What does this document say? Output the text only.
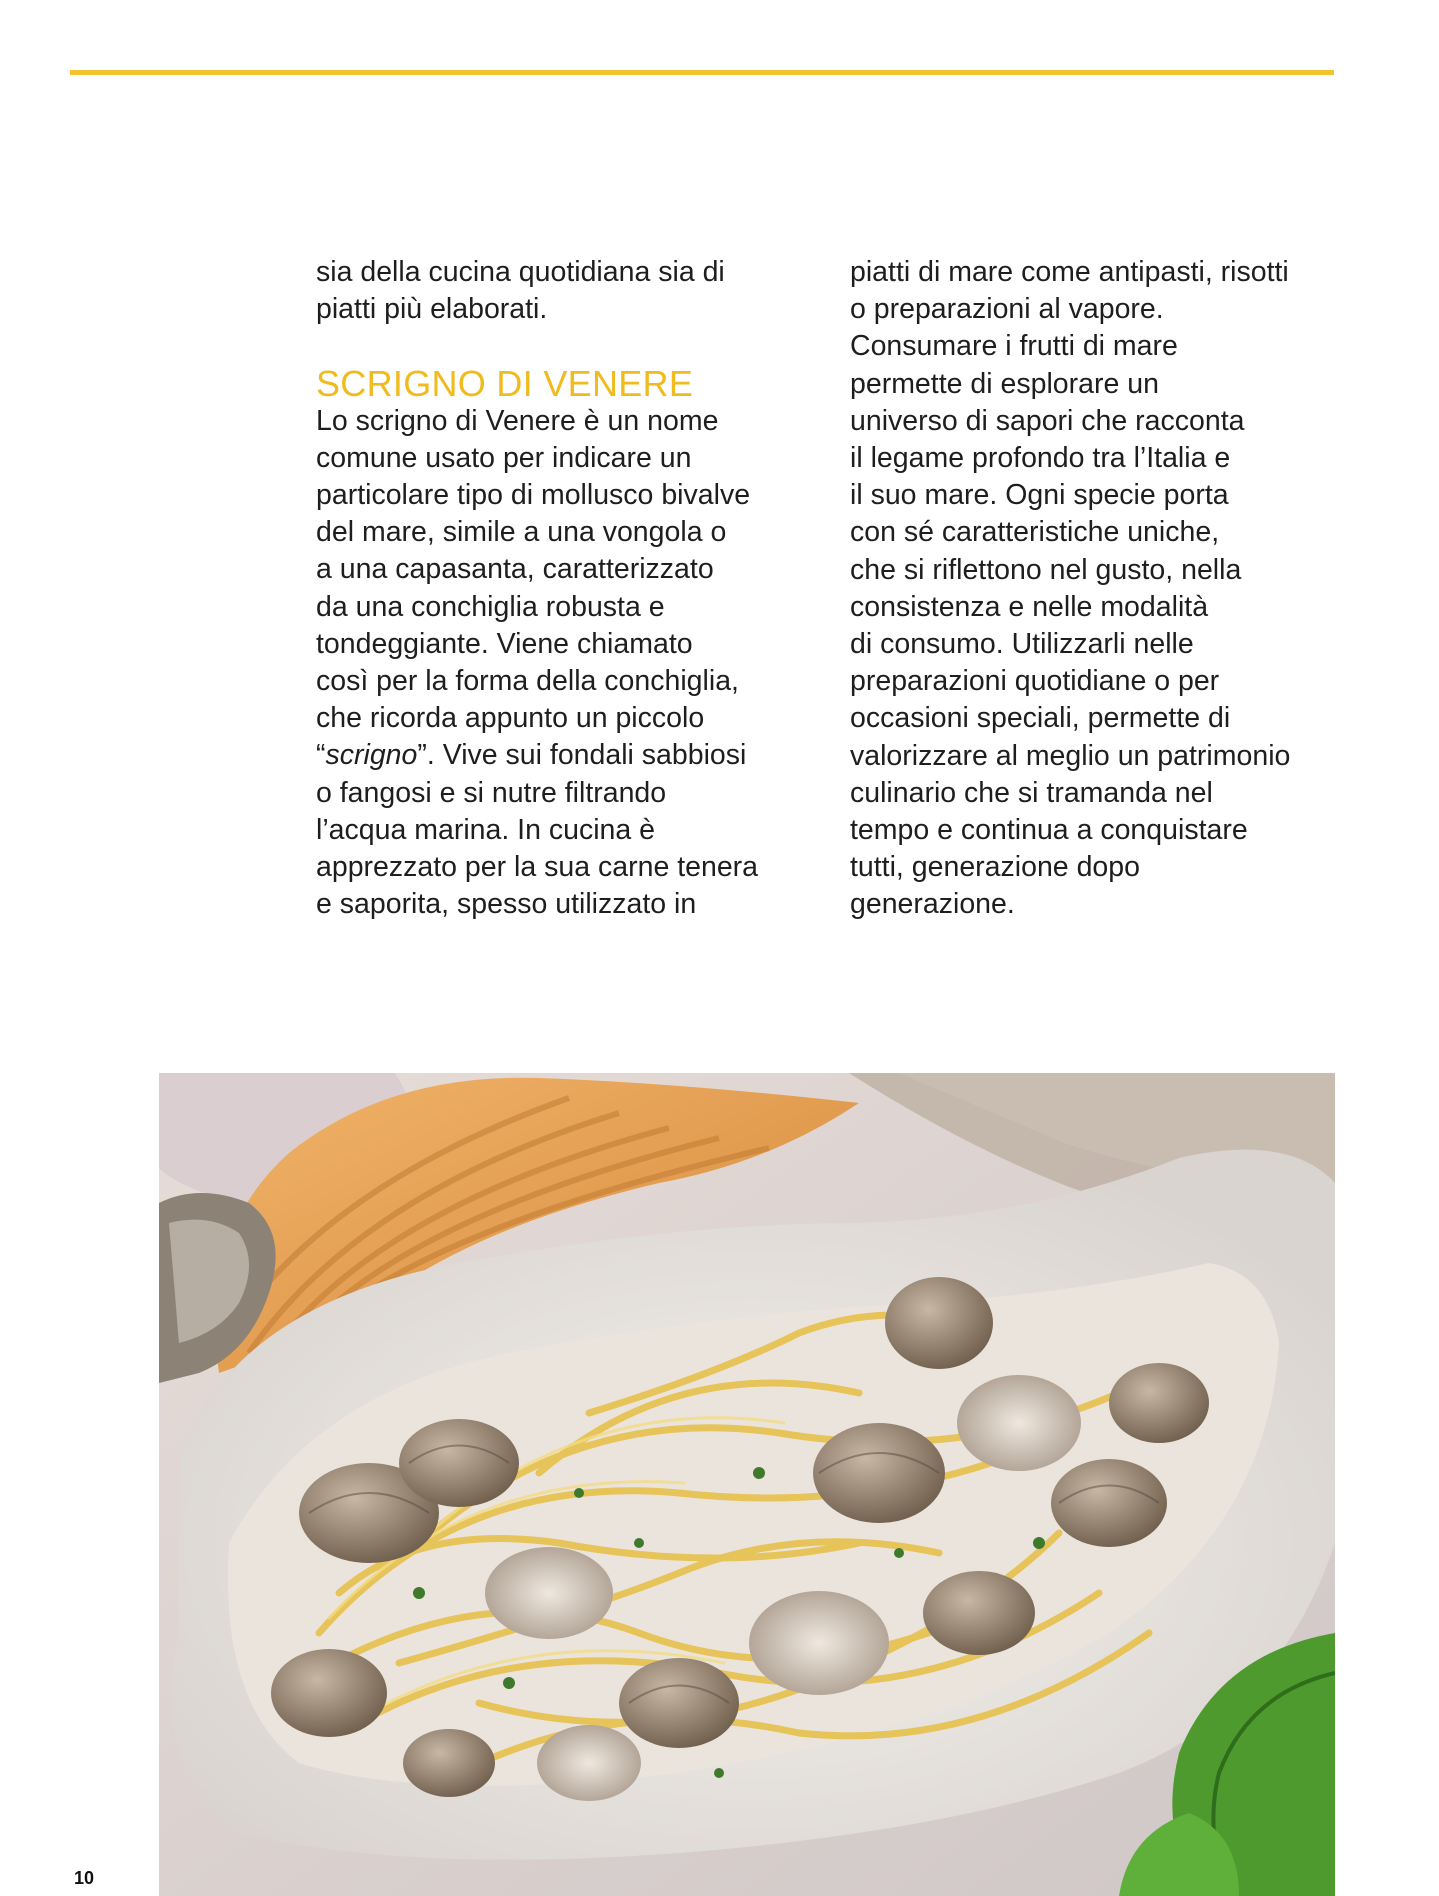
sia della cucina quotidiana sia di
piatti più elaborati.
SCRIGNO DI VENERE
Lo scrigno di Venere è un nome
comune usato per indicare un
particolare tipo di mollusco bivalve
del mare, simile a una vongola o
a una capasanta, caratterizzato
da una conchiglia robusta e
tondeggiante. Viene chiamato
così per la forma della conchiglia,
che ricorda appunto un piccolo
“scrigno”. Vive sui fondali sabbiosi
o fangosi e si nutre filtrando
l’acqua marina. In cucina è
apprezzato per la sua carne tenera
e saporita, spesso utilizzato in
piatti di mare come antipasti, risotti
o preparazioni al vapore.
Consumare i frutti di mare
permette di esplorare un
universo di sapori che racconta
il legame profondo tra l’Italia e
il suo mare. Ogni specie porta
con sé caratteristiche uniche,
che si riflettono nel gusto, nella
consistenza e nelle modalità
di consumo. Utilizzarli nelle
preparazioni quotidiane o per
occasioni speciali, permette di
valorizzare al meglio un patrimonio
culinario che si tramanda nel
tempo e continua a conquistare
tutti, generazione dopo
generazione.
10
